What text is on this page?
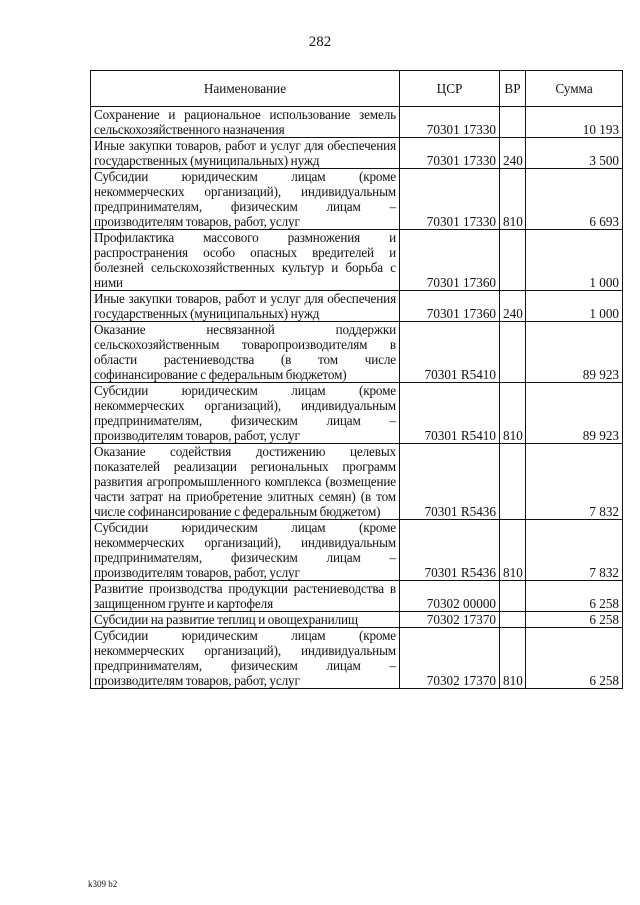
282
Наименование	ЦСР	ВР	Сумма
Сохранение и рациональное использование земель сельскохозяйственного назначения	70301 17330		10 193
Иные закупки товаров, работ и услуг для обеспечения государственных (муниципальных) нужд	70301 17330	240	3 500
Субсидии юридическим лицам (кроме некоммерческих организаций), индивидуальным предпринимателям, физическим лицам – производителям товаров, работ, услуг	70301 17330	810	6 693
Профилактика массового размножения и распространения особо опасных вредителей и болезней сельскохозяйственных культур и борьба с ними	70301 17360		1 000
Иные закупки товаров, работ и услуг для обеспечения государственных (муниципальных) нужд	70301 17360	240	1 000
Оказание несвязанной поддержки сельскохозяйственным товаропроизводителям в области растениеводства (в том числе софинансирование с федеральным бюджетом)	70301 R5410		89 923
Субсидии юридическим лицам (кроме некоммерческих организаций), индивидуальным предпринимателям, физическим лицам – производителям товаров, работ, услуг	70301 R5410	810	89 923
Оказание содействия достижению целевых показателей реализации региональных программ развития агропромышленного комплекса (возмещение части затрат на приобретение элитных семян) (в том числе софинансирование с федеральным бюджетом)	70301 R5436		7 832
Субсидии юридическим лицам (кроме некоммерческих организаций), индивидуальным предпринимателям, физическим лицам – производителям товаров, работ, услуг	70301 R5436	810	7 832
Развитие производства продукции растениеводства в защищенном грунте и картофеля	70302 00000		6 258
Субсидии на развитие теплиц и овощехранилищ	70302 17370		6 258
Субсидии юридическим лицам (кроме некоммерческих организаций), индивидуальным предпринимателям, физическим лицам – производителям товаров, работ, услуг	70302 17370	810	6 258
k309 b2
